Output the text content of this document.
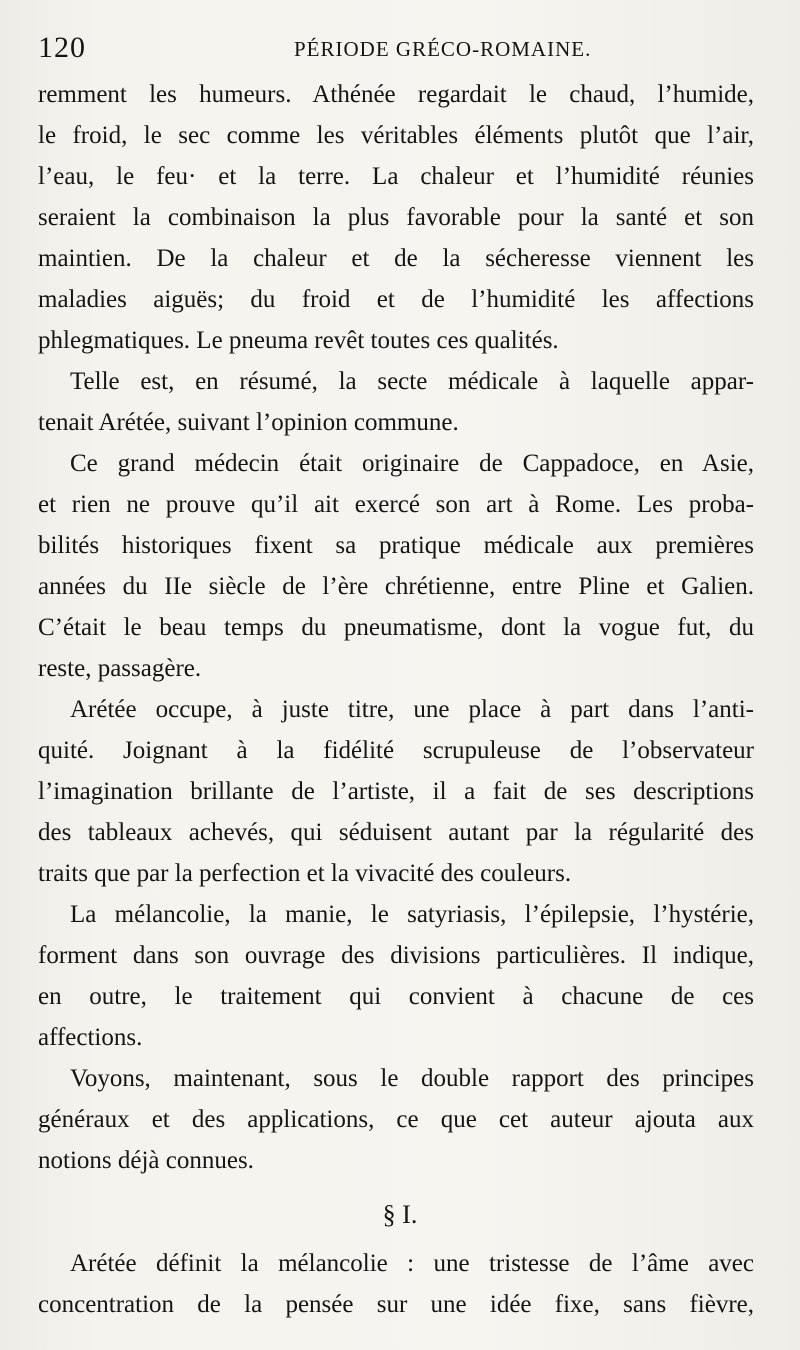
120	PÉRIODE GRÉCO-ROMAINE.
remment les humeurs. Athénée regardait le chaud, l’humide,
le froid, le sec comme les véritables éléments plutôt que l’air,
l’eau, le feu· et la terre. La chaleur et l’humidité réunies
seraient la combinaison la plus favorable pour la santé et son
maintien. De la chaleur et de la sécheresse viennent les
maladies aiguës; du froid et de l’humidité les affections
phlegmatiques. Le pneuma revêt toutes ces qualités.
Telle est, en résumé, la secte médicale à laquelle appar-
tenait Arétée, suivant l’opinion commune.
Ce grand médecin était originaire de Cappadoce, en Asie,
et rien ne prouve qu’il ait exercé son art à Rome. Les proba-
bilités historiques fixent sa pratique médicale aux premières
années du IIe siècle de l’ère chrétienne, entre Pline et Galien.
C’était le beau temps du pneumatisme, dont la vogue fut, du
reste, passagère.
Arétée occupe, à juste titre, une place à part dans l’anti-
quité. Joignant à la fidélité scrupuleuse de l’observateur
l’imagination brillante de l’artiste, il a fait de ses descriptions
des tableaux achevés, qui séduisent autant par la régularité des
traits que par la perfection et la vivacité des couleurs.
La mélancolie, la manie, le satyriasis, l’épilepsie, l’hystérie,
forment dans son ouvrage des divisions particulières. Il indique,
en outre, le traitement qui convient à chacune de ces
affections.
Voyons, maintenant, sous le double rapport des principes
généraux et des applications, ce que cet auteur ajouta aux
notions déjà connues.
§ I.
Arétée définit la mélancolie : une tristesse de l’âme avec
concentration de la pensée sur une idée fixe, sans fièvre,
